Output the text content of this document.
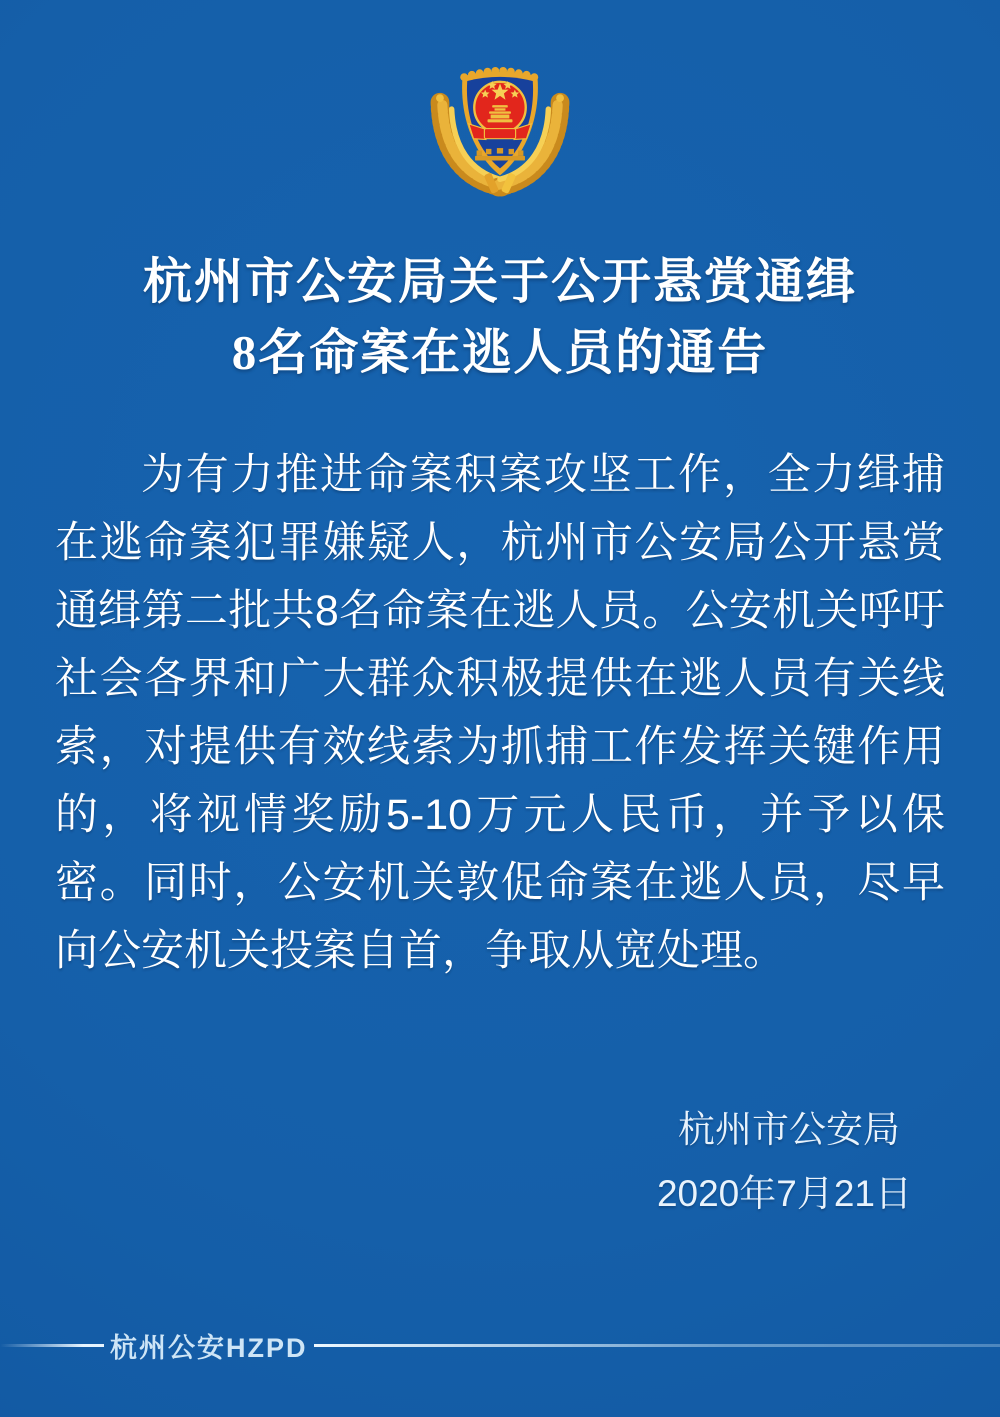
杭州市公安局关于公开悬赏通缉
8名命案在逃人员的通告
为有力推进命案积案攻坚工作，全力缉捕在逃命案犯罪嫌疑人，杭州市公安局公开悬赏通缉第二批共8名命案在逃人员。公安机关呼吁社会各界和广大群众积极提供在逃人员有关线索，对提供有效线索为抓捕工作发挥关键作用的，将视情奖励5-10万元人民币，并予以保密。同时，公安机关敦促命案在逃人员，尽早向公安机关投案自首，争取从宽处理。
杭州市公安局
2020年7月21日
杭州公安HZPD
